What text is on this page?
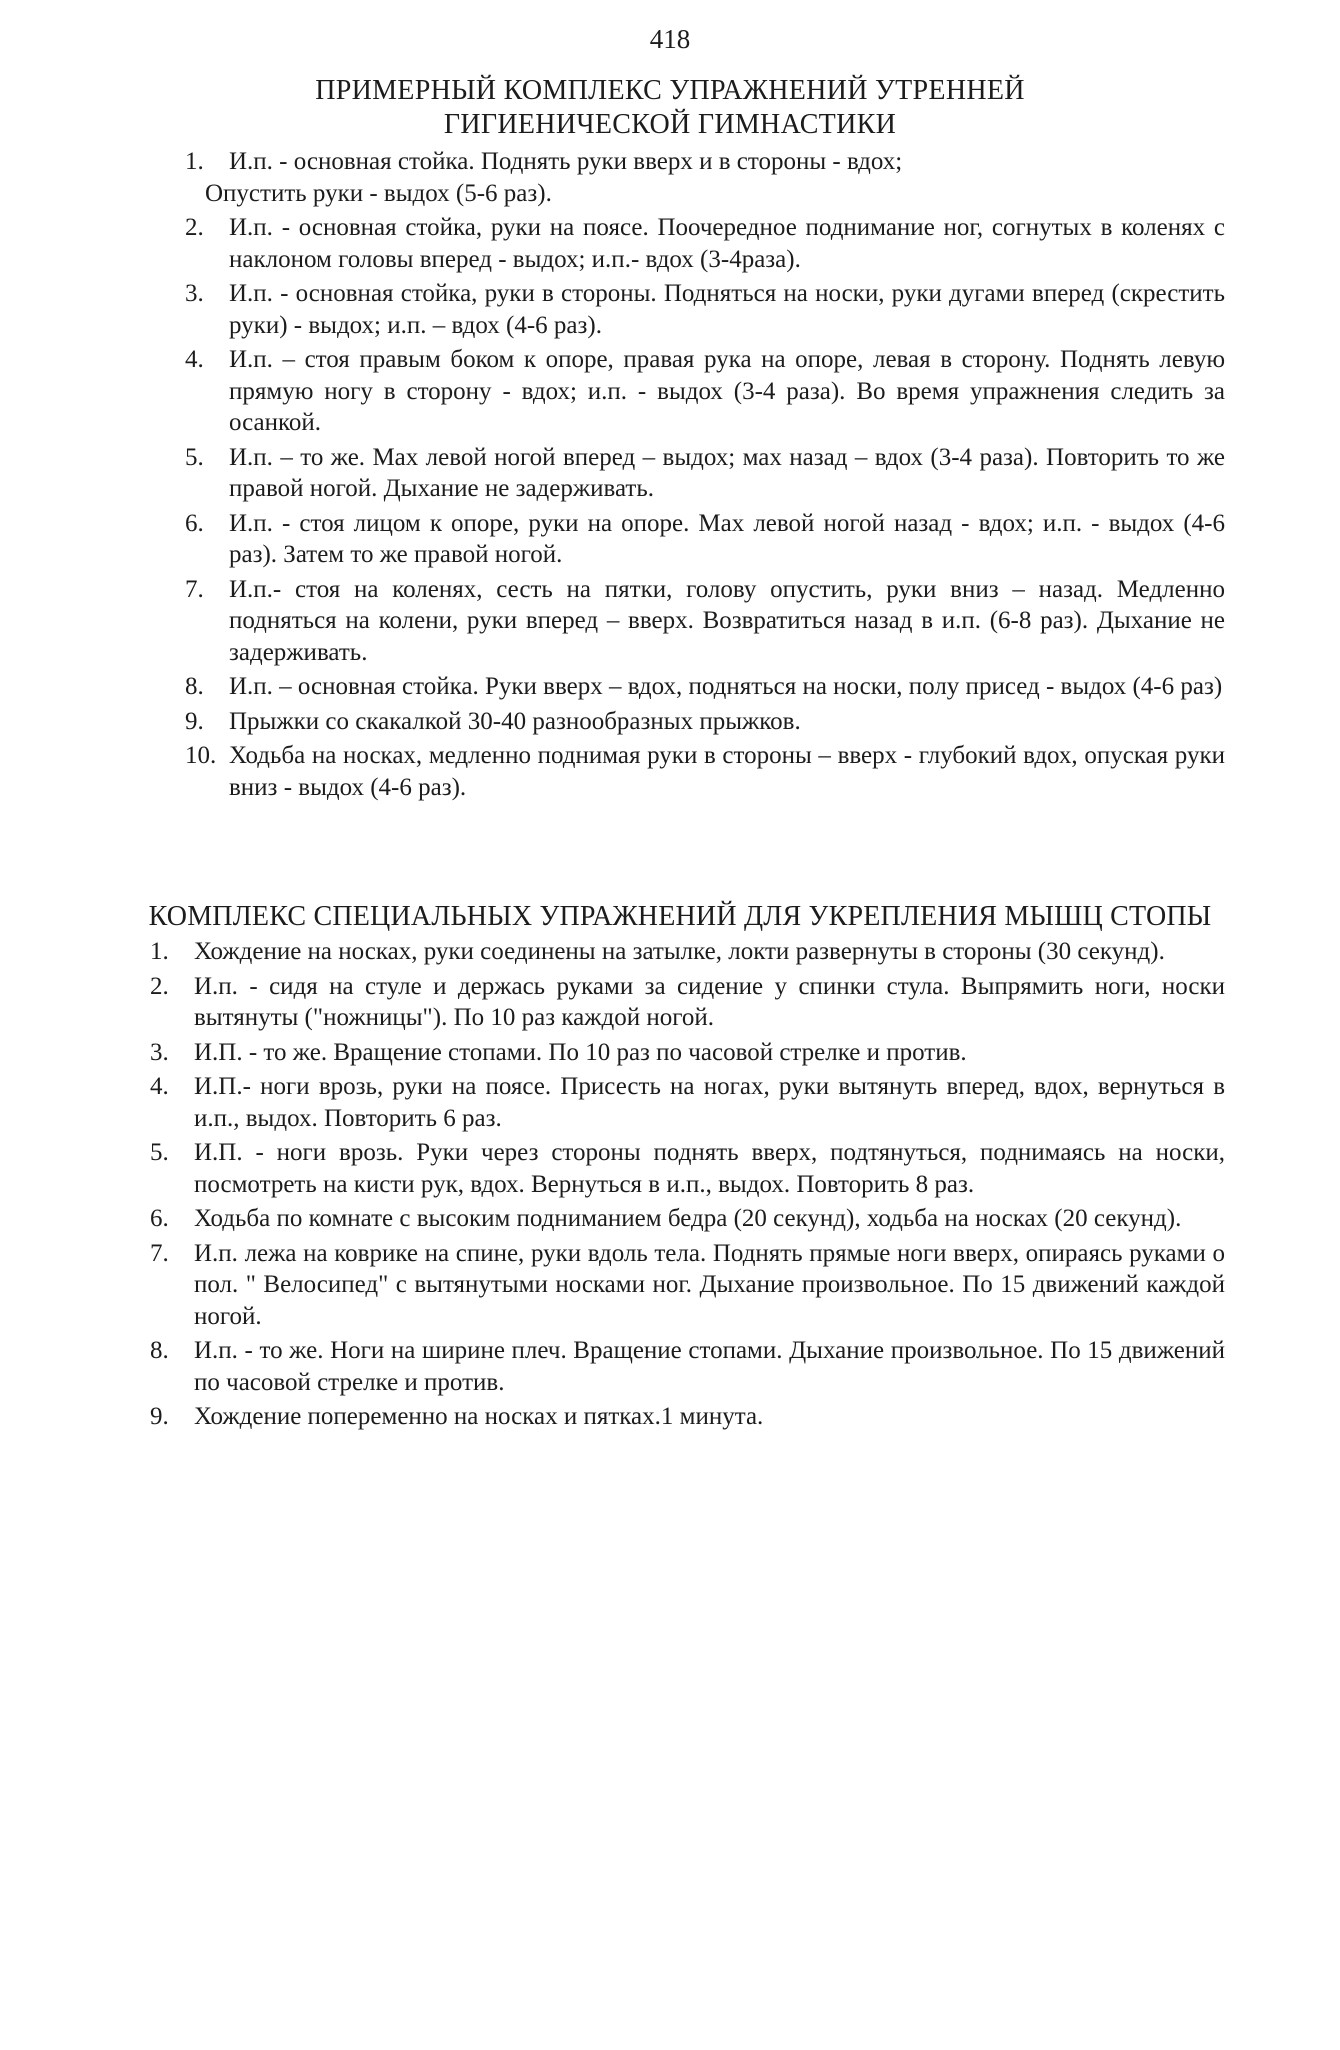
418
ПРИМЕРНЫЙ КОМПЛЕКС УПРАЖНЕНИЙ УТРЕННЕЙ
ГИГИЕНИЧЕСКОЙ ГИМНАСТИКИ
1.	И.п. - основная стойка. Поднять руки вверх и в стороны - вдох;
Опустить руки - выдох (5-6 раз).
2.	И.п. - основная стойка, руки на поясе. Поочередное поднимание ног, согнутых в коленях с наклоном головы вперед - выдох; и.п.- вдох (3-4раза).
3.	И.п. - основная стойка, руки в стороны. Подняться на носки, руки дугами вперед (скрестить руки) - выдох; и.п. – вдох (4-6 раз).
4.	И.п. – стоя правым боком к опоре, правая рука на опоре, левая в сторону. Поднять левую прямую ногу в сторону - вдох; и.п. - выдох (3-4 раза). Во время упражнения следить за осанкой.
5.	И.п. – то же. Мах левой ногой вперед – выдох; мах назад – вдох (3-4 раза). Повторить то же правой ногой. Дыхание не задерживать.
6.	И.п. - стоя лицом к опоре, руки на опоре. Мах левой ногой назад - вдох; и.п. - выдох (4-6 раз). Затем то же правой ногой.
7.	И.п.- стоя на коленях, сесть на пятки, голову опустить, руки вниз – назад. Медленно подняться на колени, руки вперед – вверх. Возвратиться назад в и.п. (6-8 раз). Дыхание не задерживать.
8.	И.п. – основная стойка. Руки вверх – вдох, подняться на носки, полу присед - выдох (4-6 раз)
9.	Прыжки со скакалкой 30-40 разнообразных прыжков.
10. Ходьба на носках, медленно поднимая руки в стороны – вверх - глубокий вдох, опуская руки вниз - выдох (4-6 раз).
КОМПЛЕКС СПЕЦИАЛЬНЫХ УПРАЖНЕНИЙ ДЛЯ УКРЕПЛЕНИЯ МЫШЦ СТОПЫ
1.	Хождение на носках, руки соединены на затылке, локти развернуты в стороны (30 секунд).
2.	И.п. - сидя на стуле и держась руками за сидение у спинки стула. Выпрямить ноги, носки вытянуты ("ножницы"). По 10 раз каждой ногой.
3.	И.П. - то же. Вращение стопами. По 10 раз по часовой стрелке и против.
4.	И.П.- ноги врозь, руки на поясе. Присесть на ногах, руки вытянуть вперед, вдох, вернуться в и.п., выдох. Повторить 6 раз.
5.	И.П. - ноги врозь. Руки через стороны поднять вверх, подтянуться, поднимаясь на носки, посмотреть на кисти рук, вдох. Вернуться в и.п., выдох. Повторить 8 раз.
6.	Ходьба по комнате с высоким подниманием бедра (20 секунд), ходьба на носках (20 секунд).
7.	И.п. лежа на коврике на спине, руки вдоль тела. Поднять прямые ноги вверх, опираясь руками о пол. " Велосипед" с вытянутыми носками ног. Дыхание произвольное. По 15 движений каждой ногой.
8.	И.п. - то же. Ноги на ширине плеч. Вращение стопами. Дыхание произвольное. По 15 движений по часовой стрелке и против.
9.	Хождение попеременно на носках и пятках.1 минута.
